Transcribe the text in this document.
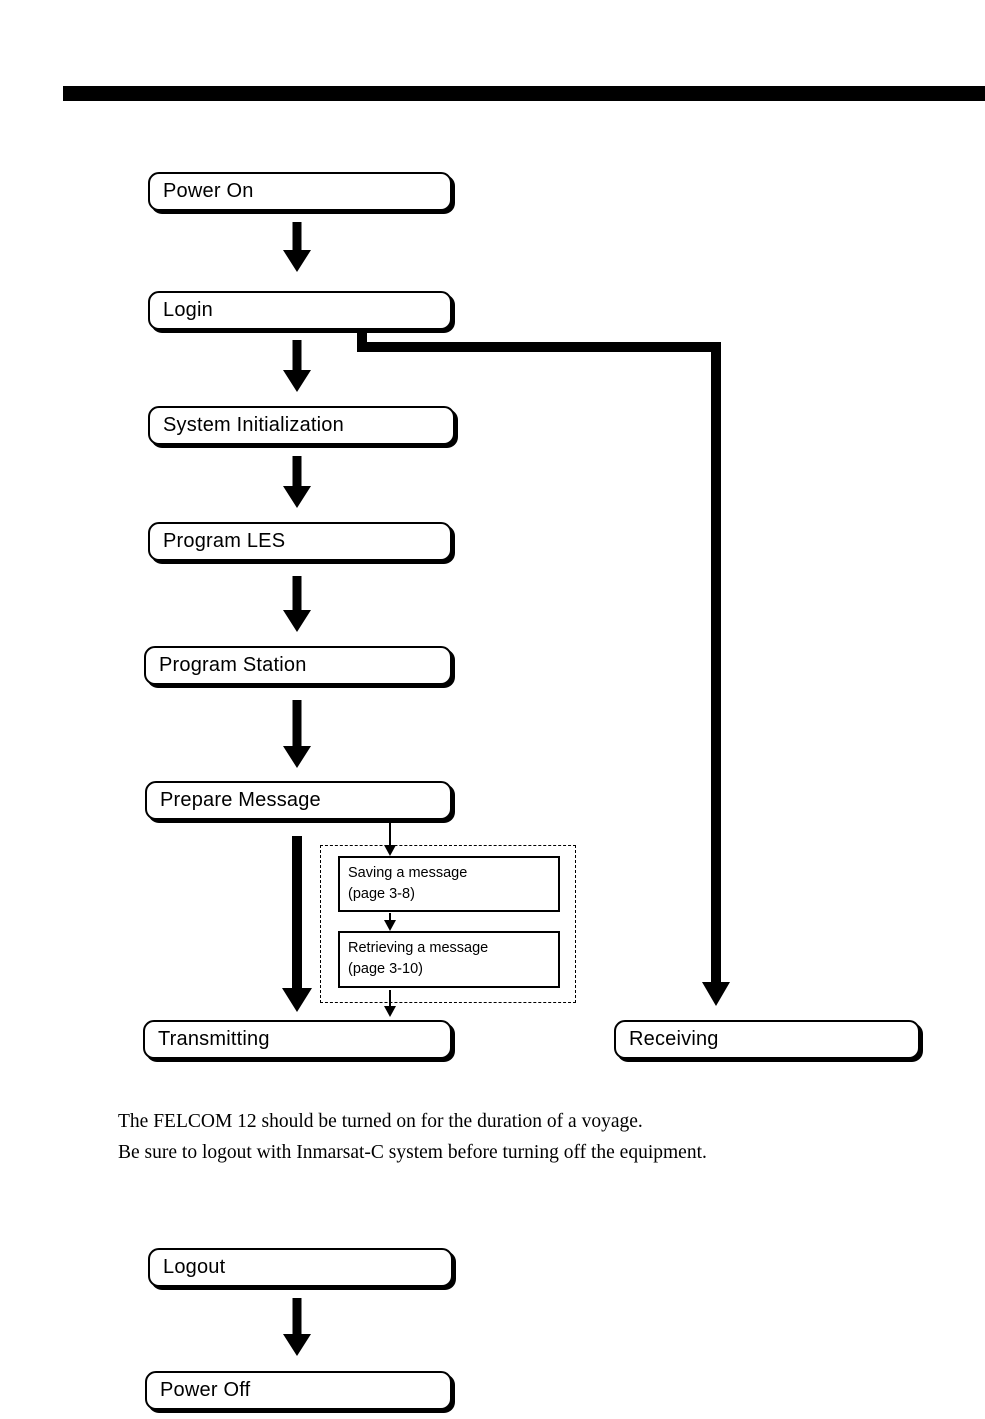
Power On
Login
System Initialization
Program LES
Program Station
Prepare Message
Saving a message
(page 3-8)
Retrieving a message
(page 3-10)
Transmitting	Receiving
The FELCOM 12 should be turned on for the duration of a voyage.
Be sure to logout with Inmarsat-C system before turning off the equipment.
Logout
Power Off
